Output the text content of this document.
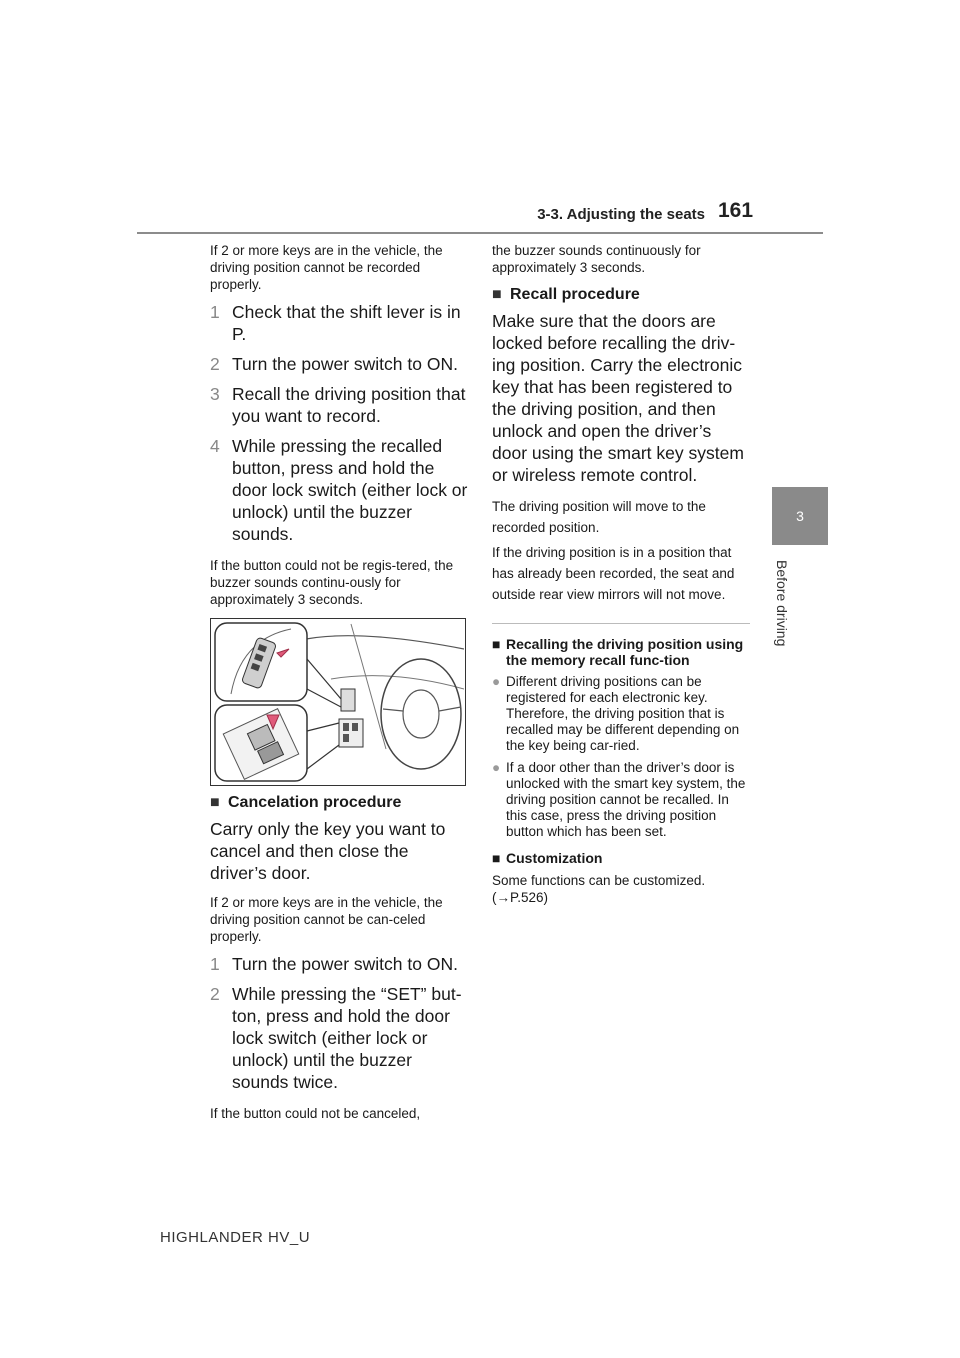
3-3. Adjusting the seats 161
3
Before driving

If 2 or more keys are in the vehicle, the driving position cannot be recorded properly.

1 Check that the shift lever is in P.
2 Turn the power switch to ON.
3 Recall the driving position that you want to record.
4 While pressing the recalled button, press and hold the door lock switch (either lock or unlock) until the buzzer sounds.

If the button could not be regis-tered, the buzzer sounds continu-ously for approximately 3 seconds.

■ Cancelation procedure

Carry only the key you want to cancel and then close the driver’s door.

If 2 or more keys are in the vehicle, the driving position cannot be can-celed properly.

1 Turn the power switch to ON.
2 While pressing the “SET” but-ton, press and hold the door lock switch (either lock or unlock) until the buzzer sounds twice.

If the button could not be canceled,

the buzzer sounds continuously for approximately 3 seconds.

■ Recall procedure

Make sure that the doors are locked before recalling the driv-ing position. Carry the electronic key that has been registered to the driving position, and then unlock and open the driver’s door using the smart key system or wireless remote control.

The driving position will move to the recorded position.

If the driving position is in a position that has already been recorded, the seat and outside rear view mirrors will not move.

■ Recalling the driving position using the memory recall func-tion
● Different driving positions can be registered for each electronic key. Therefore, the driving position that is recalled may be different depending on the key being car-ried.
● If a door other than the driver’s door is unlocked with the smart key system, the driving position cannot be recalled. In this case, press the driving position button which has been set.
■ Customization

Some functions can be customized. (→P.526)

HIGHLANDER HV_U
